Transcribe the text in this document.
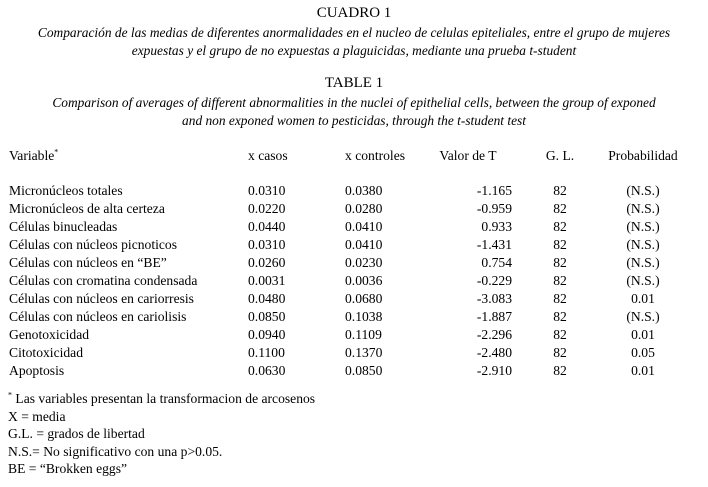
CUADRO 1
Comparación de las medias de diferentes anormalidades en el nucleo de celulas epiteliales, entre el grupo de mujeres
expuestas y el grupo de no expuestas a plaguicidas, mediante una prueba t-student
TABLE 1
Comparison of averages of different abnormalities in the nuclei of epithelial cells, between the group of exponed
and non exponed women to pesticidas, through the t-student test
Variable*	x casos	x controles	Valor de T	G. L.	Probabilidad
Micronúcleos totales	0.0310	0.0380	-1.165	82	(N.S.)
Micronúcleos de alta certeza	0.0220	0.0280	-0.959	82	(N.S.)
Células binucleadas	0.0440	0.0410	0.933	82	(N.S.)
Células con núcleos picnoticos	0.0310	0.0410	-1.431	82	(N.S.)
Células con núcleos en “BE”	0.0260	0.0230	0.754	82	(N.S.)
Células con cromatina condensada	0.0031	0.0036	-0.229	82	(N.S.)
Células con núcleos en cariorresis	0.0480	0.0680	-3.083	82	0.01
Células con núcleos en cariolisis	0.0850	0.1038	-1.887	82	(N.S.)
Genotoxicidad	0.0940	0.1109	-2.296	82	0.01
Citotoxicidad	0.1100	0.1370	-2.480	82	0.05
Apoptosis	0.0630	0.0850	-2.910	82	0.01
* Las variables presentan la transformacion de arcosenos
X = media
G.L. = grados de libertad
N.S.= No significativo con una p>0.05.
BE = “Brokken eggs”
